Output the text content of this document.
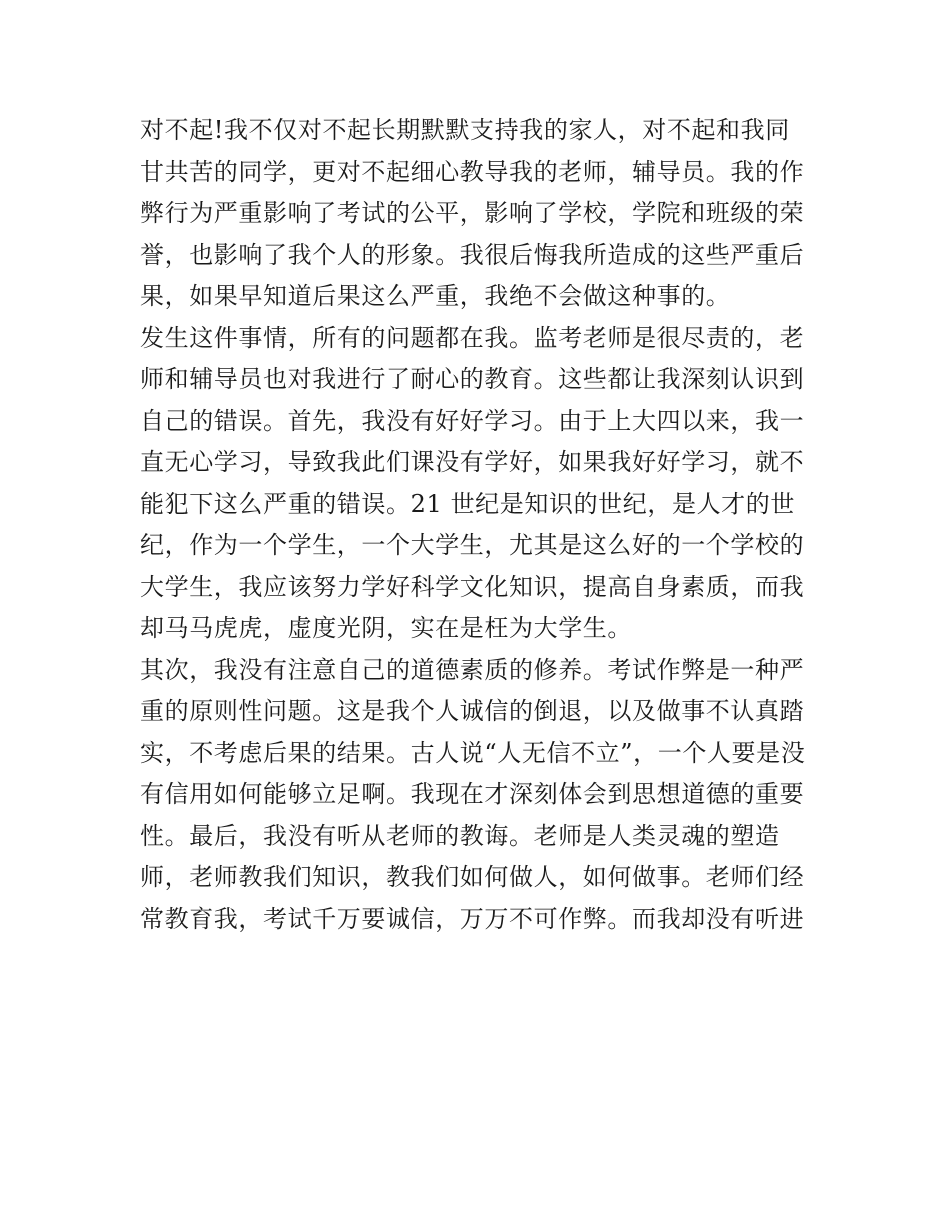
对不起!我不仅对不起长期默默支持我的家人，对不起和我同
甘共苦的同学，更对不起细心教导我的老师，辅导员。我的作
弊行为严重影响了考试的公平，影响了学校，学院和班级的荣
誉，也影响了我个人的形象。我很后悔我所造成的这些严重后
果，如果早知道后果这么严重，我绝不会做这种事的。
发生这件事情，所有的问题都在我。监考老师是很尽责的，老
师和辅导员也对我进行了耐心的教育。这些都让我深刻认识到
自己的错误。首先，我没有好好学习。由于上大四以来，我一
直无心学习，导致我此们课没有学好，如果我好好学习，就不
能犯下这么严重的错误。21 世纪是知识的世纪，是人才的世
纪，作为一个学生，一个大学生，尤其是这么好的一个学校的
大学生，我应该努力学好科学文化知识，提高自身素质，而我
却马马虎虎，虚度光阴，实在是枉为大学生。
其次，我没有注意自己的道德素质的修养。考试作弊是一种严
重的原则性问题。这是我个人诚信的倒退，以及做事不认真踏
实，不考虑后果的结果。古人说“人无信不立”，一个人要是没
有信用如何能够立足啊。我现在才深刻体会到思想道德的重要
性。最后，我没有听从老师的教诲。老师是人类灵魂的塑造
师，老师教我们知识，教我们如何做人，如何做事。老师们经
常教育我，考试千万要诚信，万万不可作弊。而我却没有听进
